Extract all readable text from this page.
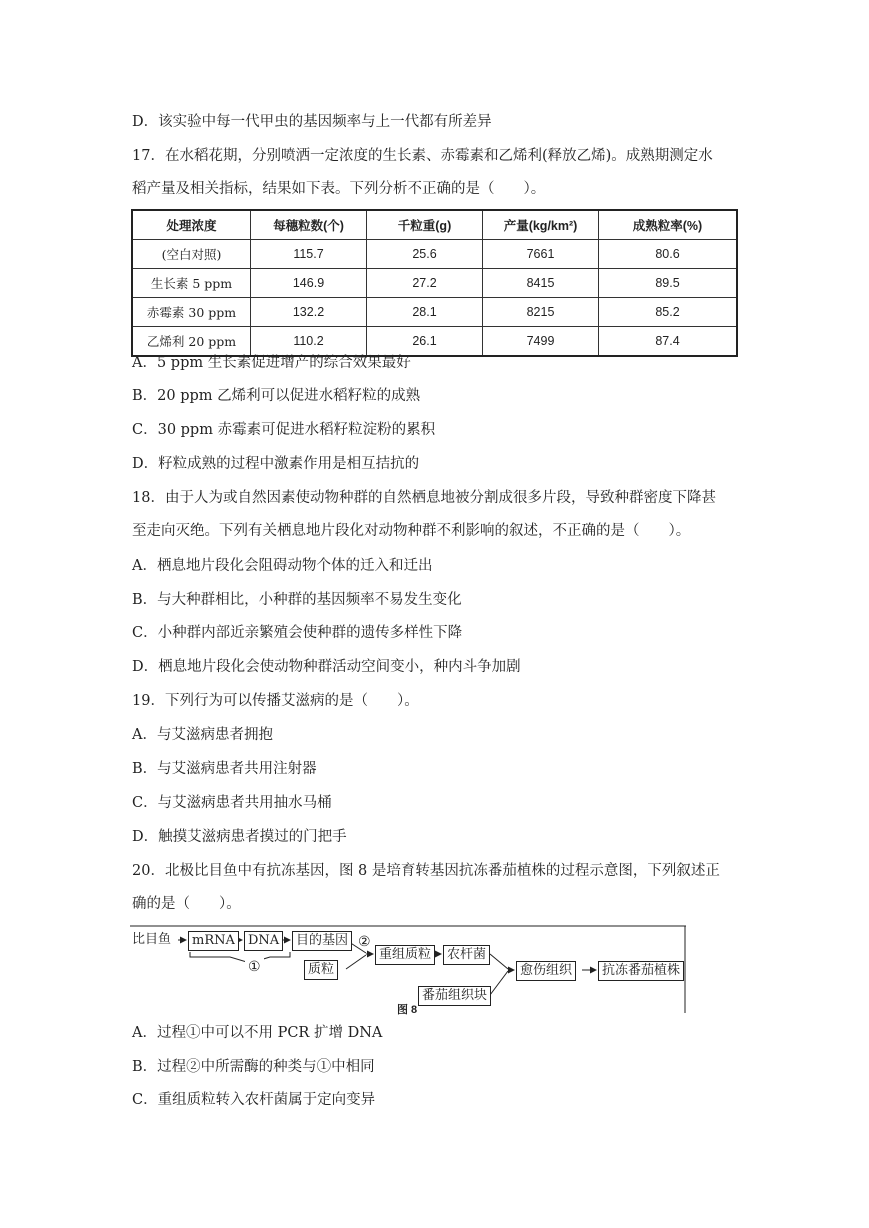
D．该实验中每一代甲虫的基因频率与上一代都有所差异
17．在水稻花期，分别喷洒一定浓度的生长素、赤霉素和乙烯利(释放乙烯)。成熟期测定水
稻产量及相关指标，结果如下表。下列分析不正确的是（　　）。
处理浓度	每穗粒数(个)	千粒重(g)	产量(kg/km²)	成熟粒率(%)
(空白对照)	115.7	25.6	7661	80.6
生长素 5 ppm	146.9	27.2	8415	89.5
赤霉素 30 ppm	132.2	28.1	8215	85.2
乙烯利 20 ppm	110.2	26.1	7499	87.4
A．5 ppm 生长素促进增产的综合效果最好
B．20 ppm 乙烯利可以促进水稻籽粒的成熟
C．30 ppm 赤霉素可促进水稻籽粒淀粉的累积
D．籽粒成熟的过程中激素作用是相互拮抗的
18．由于人为或自然因素使动物种群的自然栖息地被分割成很多片段，导致种群密度下降甚
至走向灭绝。下列有关栖息地片段化对动物种群不利影响的叙述，不正确的是（　　）。
A．栖息地片段化会阻碍动物个体的迁入和迁出
B．与大种群相比，小种群的基因频率不易发生变化
C．小种群内部近亲繁殖会使种群的遗传多样性下降
D．栖息地片段化会使动物种群活动空间变小，种内斗争加剧
19．下列行为可以传播艾滋病的是（　　）。
A．与艾滋病患者拥抱
B．与艾滋病患者共用注射器
C．与艾滋病患者共用抽水马桶
D．触摸艾滋病患者摸过的门把手
20．北极比目鱼中有抗冻基因，图 8 是培育转基因抗冻番茄植株的过程示意图，下列叙述正
确的是（　　）。
比目鱼	mRNA	DNA	目的基因
①
②
质粒
重组质粒	农杆菌
番茄组织块
愈伤组织	抗冻番茄植株
图 8
A．过程①中可以不用 PCR 扩增 DNA
B．过程②中所需酶的种类与①中相同
C．重组质粒转入农杆菌属于定向变异
